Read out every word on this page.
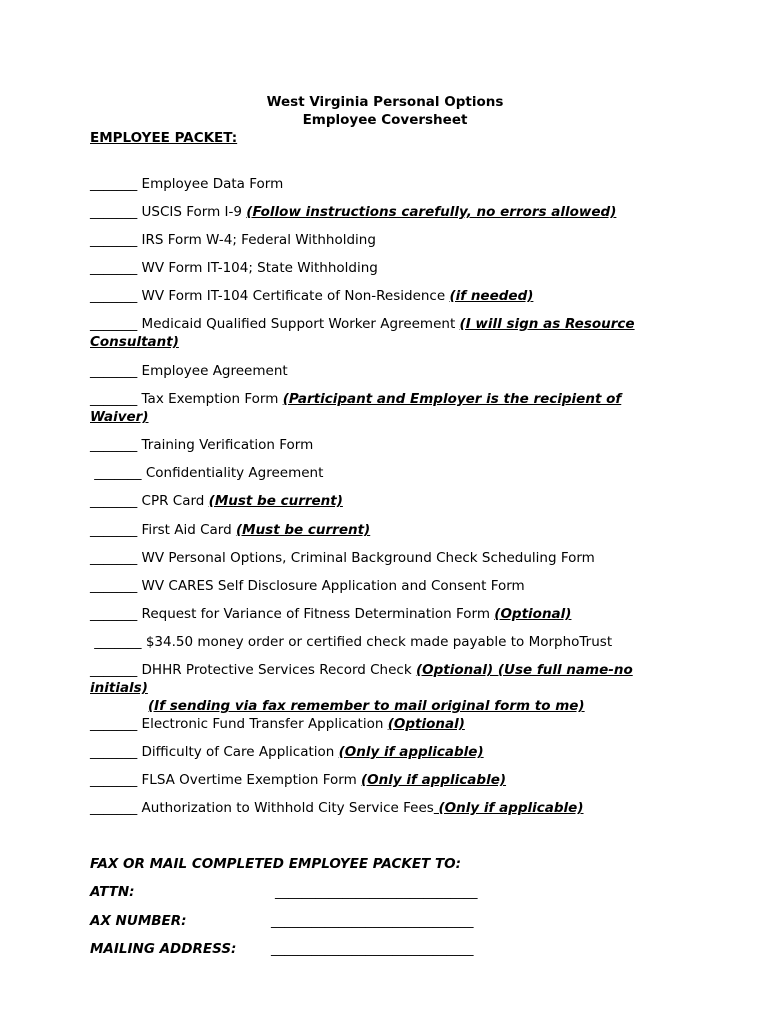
West Virginia Personal Options
Employee Coversheet
EMPLOYEE PACKET:
_______ Employee Data Form
_______ USCIS Form I-9 (Follow instructions carefully, no errors allowed)
_______ IRS Form W-4; Federal Withholding
_______ WV Form IT-104; State Withholding
_______ WV Form IT-104 Certificate of Non-Residence (if needed)
_______ Medicaid Qualified Support Worker Agreement (I will sign as Resource Consultant)
_______ Employee Agreement
_______ Tax Exemption Form (Participant and Employer is the recipient of Waiver)
_______ Training Verification Form
_______ Confidentiality Agreement
_______ CPR Card (Must be current)
_______ First Aid Card (Must be current)
_______ WV Personal Options, Criminal Background Check Scheduling Form
_______ WV CARES Self Disclosure Application and Consent Form
_______ Request for Variance of Fitness Determination Form (Optional)
_______ $34.50 money order or certified check made payable to MorphoTrust
_______ DHHR Protective Services Record Check (Optional) (Use full name-no initials)
(If sending via fax remember to mail original form to me)
_______ Electronic Fund Transfer Application (Optional)
_______ Difficulty of Care Application (Only if applicable)
_______ FLSA Overtime Exemption Form (Only if applicable)
_______ Authorization to Withhold City Service Fees (Only if applicable)
FAX OR MAIL COMPLETED EMPLOYEE PACKET TO:
ATTN:	______________________________
AX NUMBER:	______________________________
MAILING ADDRESS:	______________________________
